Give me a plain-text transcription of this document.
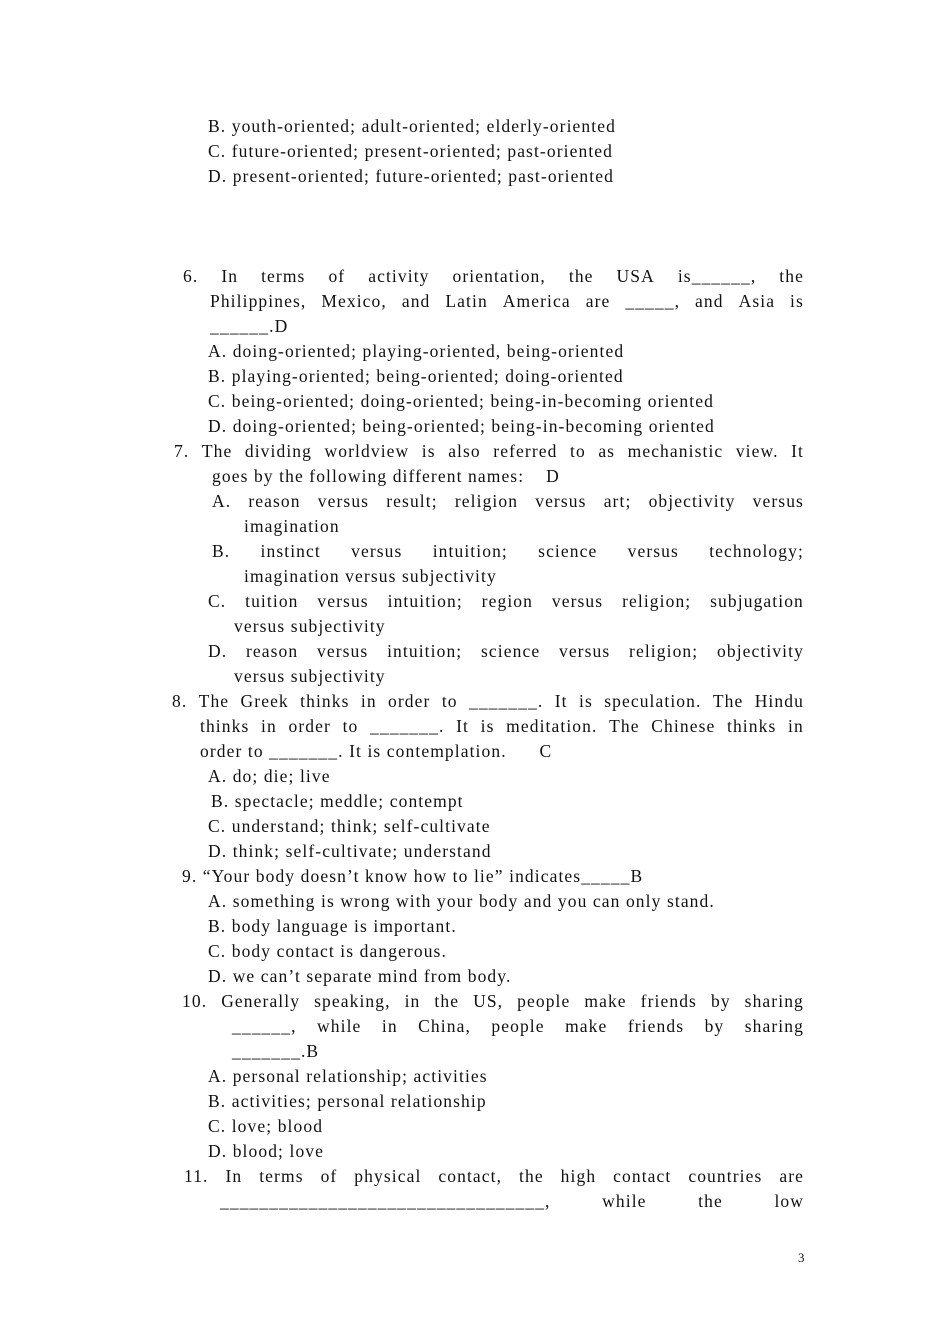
B. youth-oriented; adult-oriented; elderly-oriented
C. future-oriented; present-oriented; past-oriented
D. present-oriented; future-oriented; past-oriented
6. In terms of activity orientation, the USA is______, the
Philippines, Mexico, and Latin America are _____, and Asia is
______.D
A. doing-oriented; playing-oriented, being-oriented
B. playing-oriented; being-oriented; doing-oriented
C. being-oriented; doing-oriented; being-in-becoming oriented
D. doing-oriented; being-oriented; being-in-becoming oriented
7. The dividing worldview is also referred to as mechanistic view. It
goes by the following different names:    D
A. reason versus result; religion versus art; objectivity versus
imagination
B. instinct versus intuition; science versus technology;
imagination versus subjectivity
C. tuition versus intuition; region versus religion; subjugation
versus subjectivity
D. reason versus intuition; science versus religion; objectivity
versus subjectivity
8. The Greek thinks in order to _______. It is speculation. The Hindu
thinks in order to _______. It is meditation. The Chinese thinks in
order to _______. It is contemplation.      C
A. do; die; live
B. spectacle; meddle; contempt
C. understand; think; self-cultivate
D. think; self-cultivate; understand
9. “Your body doesn’t know how to lie” indicates_____B
A. something is wrong with your body and you can only stand.
B. body language is important.
C. body contact is dangerous.
D. we can’t separate mind from body.
10. Generally speaking, in the US, people make friends by sharing
______, while in China, people make friends by sharing
_______.B
A. personal relationship; activities
B. activities; personal relationship
C. love; blood
D. blood; love
11. In terms of physical contact, the high contact countries are
_________________________________,	while	the	low
3
